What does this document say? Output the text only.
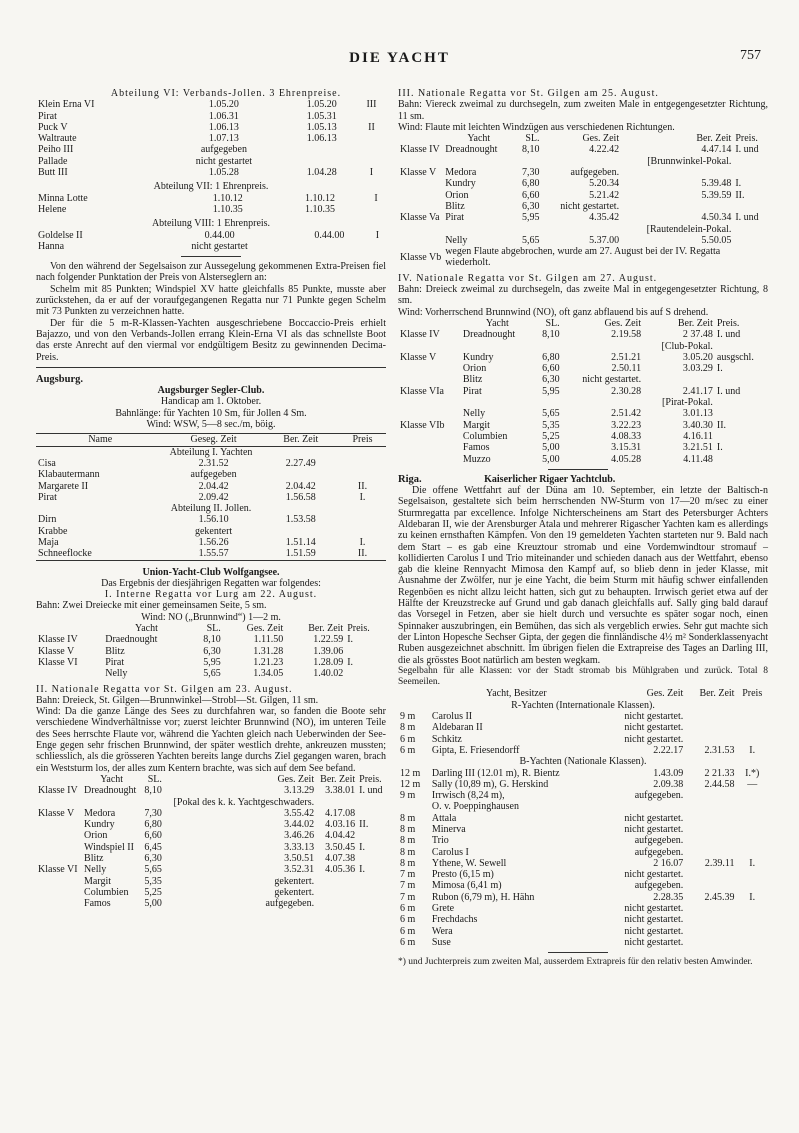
DIE YACHT	757
Abteilung VI: Verbands-Jollen. 3 Ehrenpreise.
Klein Erna VI	1.05.20	1.05.20	III
Pirat	1.06.31	1.05.31	
Puck V	1.06.13	1.05.13	II
Waltraute	1.07.13	1.06.13	
Peiho III	aufgegeben		
Pallade	nicht gestartet		
Butt III	1.05.28	1.04.28	I
Abteilung VII: 1 Ehrenpreis.
Minna Lotte	1.10.12	1.10.12	I
Helene	1.10.35	1.10.35	
Abteilung VIII: 1 Ehrenpreis.
Goldelse II	0.44.00	0.44.00	I
Hanna	nicht gestartet		
Von den während der Segelsaison zur Aussegelung gekommenen Extra-Preisen fiel nach folgender Punktation der Preis von Alsterseglern an:
Schelm mit 85 Punkten; Windspiel XV hatte gleichfalls 85 Punkte, musste aber zurückstehen, da er auf der voraufgegangenen Regatta nur 71 Punkte gegen Schelm mit 73 Punkten zu verzeichnen hatte.
Der für die 5 m-R-Klassen-Yachten ausgeschriebene Boccaccio-Preis erhielt Bajazzo, und von den Verbands-Jollen errang Klein-Erna VI als das schnellste Boot das erste Anrecht auf den viermal vor endgültigem Besitz zu gewinnenden Decima-Preis.
Augsburg.
Augsburger Segler-Club.
Handicap am 1. Oktober.
Bahnlänge: für Yachten 10 Sm, für Jollen 4 Sm.
Wind: WSW, 5—8 sec./m, böig.
Name	Geseg. Zeit	Ber. Zeit	Preis
Abteilung I. Yachten			
Cisa	2.31.52	2.27.49	
Klabautermann	aufgegeben		
Margarete II	2.04.42	2.04.42	II.
Pirat	2.09.42	1.56.58	I.
Abteilung II. Jollen.			
Dirn	1.56.10	1.53.58	
Krabbe	gekentert		
Maja	1.56.26	1.51.14	I.
Schneeflocke	1.55.57	1.51.59	II.
Union-Yacht-Club Wolfgangsee.
Das Ergebnis der diesjährigen Regatten war folgendes:
I. Interne Regatta vor Lurg am 22. August.
Bahn: Zwei Dreiecke mit einer gemeinsamen Seite, 5 sm.
Wind: NO („Brunnwind“) 1—2 m.
	Yacht	SL.	Ges. Zeit	Ber. Zeit	Preis.
Klasse IV	Draednought	8,10	1.11.50	1.22.59	I.
Klasse V	Blitz	6,30	1.31.28	1.39.06	
Klasse VI	Pirat	5,95	1.21.23	1.28.09	I.
	Nelly	5,65	1.34.05	1.40.02	
II. Nationale Regatta vor St. Gilgen am 23. August.
Bahn: Dreieck, St. Gilgen—Brunnwinkel—Strobl—St. Gilgen, 11 sm.
Wind: Da die ganze Länge des Sees zu durchfahren war, so fanden die Boote sehr verschiedene Windverhältnisse vor; zuerst leichter Brunnwind (NO), im unteren Teile des Sees herrschte Flaute vor, während die Yachten gleich nach Ueberwinden der See-Enge gegen sehr frischen Brunnwind, der später westlich drehte, ankreuzen mussten; schliesslich, als die grösseren Yachten bereits lange durchs Ziel gegangen waren, brach ein Weststurm los, der alles zum Kentern brachte, was sich auf dem See befand.
	Yacht	SL.	Ges. Zeit	Ber. Zeit	Preis.
Klasse IV	Dreadnought	8,10	3.13.29	3.38.01	I. und
			[Pokal des k. k. Yachtgeschwaders.		
Klasse V	Medora	7,30	3.55.42	4.17.08	
	Kundry	6,80	3.44.02	4.03.16	II.
	Orion	6,60	3.46.26	4.04.42	
	Windspiel II	6,45	3.33.13	3.50.45	I.
	Blitz	6,30	3.50.51	4.07.38	
Klasse VI	Nelly	5,65	3.52.31	4.05.36	I.
	Margit	5,35	gekentert.		
	Columbien	5,25	gekentert.		
	Famos	5,00	aufgegeben.		
III. Nationale Regatta vor St. Gilgen am 25. August.
Bahn: Viereck zweimal zu durchsegeln, zum zweiten Male in entgegengesetzter Richtung, 11 sm.
Wind: Flaute mit leichten Windzügen aus verschiedenen Richtungen.
	Yacht	SL.	Ges. Zeit	Ber. Zeit	Preis.
Klasse IV	Dreadnought	8,10	4.22.42	4.47.14	I. und
				[Brunnwinkel-Pokal.	
Klasse V	Medora	7,30	aufgegeben.		
	Kundry	6,80	5.20.34	5.39.48	I.
	Orion	6,60	5.21.42	5.39.59	II.
	Blitz	6,30	nicht gestartet.		
Klasse Va	Pirat	5,95	4.35.42	4.50.34	I. und
				[Rautendelein-Pokal.	
	Nelly	5,65	5.37.00	5.50.05	
Klasse Vb	wegen Flaute abgebrochen, wurde am 27. August bei der IV. Regatta wiederholt.				
IV. Nationale Regatta vor St. Gilgen am 27. August.
Bahn: Dreieck zweimal zu durchsegeln, das zweite Mal in entgegengesetzter Richtung, 8 sm.
Wind: Vorherrschend Brunnwind (NO), oft ganz abflauend bis auf S drehend.
	Yacht	SL.	Ges. Zeit	Ber. Zeit	Preis.
Klasse IV	Dreadnought	8,10	2.19.58	2 37.48	I. und
				[Club-Pokal.	
Klasse V	Kundry	6,80	2.51.21	3.05.20	ausgschl.
	Orion	6,60	2.50.11	3.03.29	I.
	Blitz	6,30	nicht gestartet.		
Klasse VIa	Pirat	5,95	2.30.28	2.41.17	I. und
				[Pirat-Pokal.	
	Nelly	5,65	2.51.42	3.01.13	
Klasse VIb	Margit	5,35	3.22.23	3.40.30	II.
	Columbien	5,25	4.08.33	4.16.11	
	Famos	5,00	3.15.31	3.21.51	I.
	Muzzo	5,00	4.05.28	4.11.48	
Riga.	Kaiserlicher Rigaer Yachtclub.
Die offene Wettfahrt auf der Düna am 10. September, ein letzte der Baltisch-n Segelsaison, gestaltete sich beim herrschenden NW-Sturm von 17—20 m/sec zu einer Sturmregatta par excellence. Infolge Nichterscheinens am Start des Petersburger Achters Aldebaran II, wie der Arensburger Atala und mehrerer Rigascher Yachten kam es allerdings zu keinen ernsthaften Kämpfen. Von den 19 gemeldeten Yachten starteten nur 9. Bald nach dem Start – es gab eine Kreuztour stromab und eine Vordemwindtour stromauf – kollidierten Carolus I und Trio miteinander und schieden danach aus der Wettfahrt, ebenso gab die kleine Rennyacht Mimosa den Kampf auf, so blieb denn in jeder Klasse, mit Ausnahme der Zwölfer, nur je eine Yacht, die beim Sturm mit häufig schwer einfallenden Regenböen es nicht allzu leicht hatten, sich gut zu behaupten. Irrwisch geriet etwa auf der Hälfte der Kreuzstrecke auf Grund und gab danach gleichfalls auf. Sally ging bald darauf das Vorsegel in Fetzen, aber sie hielt durch und versuchte es später sogar noch, einen Spinnaker auszubringen, ein Bemühen, das sich als vergeblich erwies. Sehr gut machte sich der Linton Hopesche Sechser Gipta, der gegen die finnländische 4½ m² Sonderklassenyacht Ruben ausgezeichnet abschnitt. Im übrigen fielen die Extrapreise des Tages an Darling III, die als grösstes Boot natürlich am besten wegkam.
Segelbahn für alle Klassen: vor der Stadt stromab bis Mühlgraben und zurück. Total 8 Seemeilen.
	Yacht, Besitzer	Ges. Zeit	Ber. Zeit	Preis
R-Yachten (Internationale Klassen).				
9 m	Carolus II	nicht gestartet.		
8 m	Aldebaran II	nicht gestartet.		
6 m	Schkitz	nicht gestartet.		
6 m	Gipta, E. Friesendorff	2.22.17	2.31.53	I.
B-Yachten (Nationale Klassen).				
12 m	Darling III (12.01 m), R. Bientz	1.43.09	2 21.33	I.*)
12 m	Sally (10,89 m), G. Herskind	2.09.38	2.44.58	—
9 m	Irrwisch (8,24 m),	aufgegeben.		
	O. v. Poeppinghausen			
8 m	Attala	nicht gestartet.		
8 m	Minerva	nicht gestartet.		
8 m	Trio	aufgegeben.		
8 m	Carolus I	aufgegeben.		
8 m	Ythene, W. Sewell	2 16.07	2.39.11	I.
7 m	Presto (6,15 m)	nicht gestartet.		
7 m	Mimosa (6,41 m)	aufgegeben.		
7 m	Rubon (6,79 m), H. Hähn	2.28.35	2.45.39	I.
6 m	Grete	nicht gestartet.		
6 m	Frechdachs	nicht gestartet.		
6 m	Wera	nicht gestartet.		
6 m	Suse	nicht gestartet.		
*) und Juchterpreis zum zweiten Mal, ausserdem Extrapreis für den relativ besten Amwinder.
